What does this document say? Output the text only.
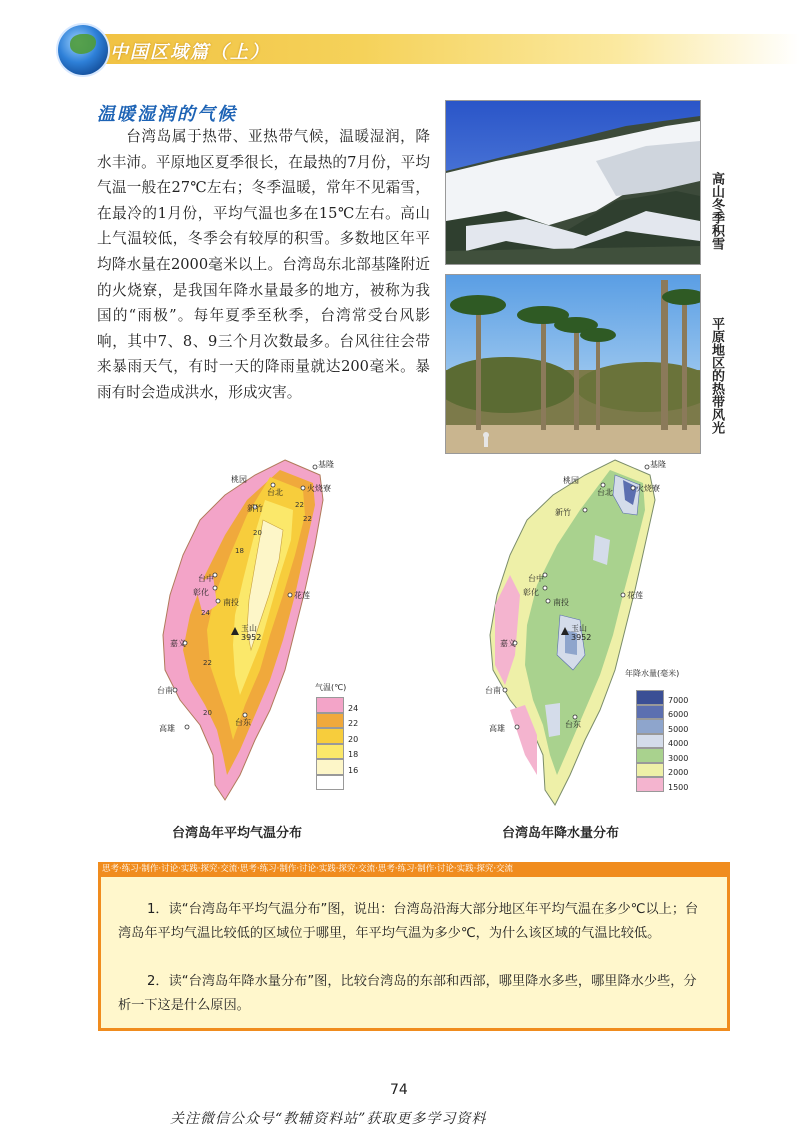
中国区域篇（上）
温暖湿润的气候

台湾岛属于热带、亚热带气候，温暖湿润，降水丰沛。平原地区夏季很长，在最热的7月份，平均气温一般在27℃左右；冬季温暖，常年不见霜雪，在最冷的1月份，平均气温也多在15℃左右。高山上气温较低，冬季会有较厚的积雪。多数地区年平均降水量在2000毫米以上。台湾岛东北部基隆附近的火烧寮，是我国年降水量最多的地方，被称为我国的“雨极”。每年夏季至秋季，台湾常受台风影响，其中7、8、9三个月次数最多。台风往往会带来暴雨天气，有时一天的降雨量就达200毫米。暴雨有时会造成洪水，形成灾害。

高山冬季积雪
平原地区的热带风光
基隆
桃园
台北	火烧寮
新竹
台中
彰化
南投
花莲
嘉义
玉山
3952
台南
高雄
台东
22
20
18
22
24
22
20
气温(℃)
24
22
20
18
16
台湾岛年平均气温分布
基隆
桃园
台北	火烧寮
新竹
台中
彰化
南投
花莲
嘉义
玉山
3952
台南
高雄	台东
年降水量(毫米)
7000
6000
5000
4000
3000
2000
1500
台湾岛年降水量分布
思考·练习·制作·讨论·实践·探究·交流·思考·练习·制作·讨论·实践·探究·交流·思考·练习·制作·讨论·实践·探究·交流
1．读“台湾岛年平均气温分布”图，说出：台湾岛沿海大部分地区年平均气温在多少℃以上；台湾岛年平均气温比较低的区域位于哪里，年平均气温为多少℃，为什么该区域的气温比较低。
2．读“台湾岛年降水量分布”图，比较台湾岛的东部和西部，哪里降水多些，哪里降水少些，分析一下这是什么原因。
74
关注微信公众号“教辅资料站”获取更多学习资料
